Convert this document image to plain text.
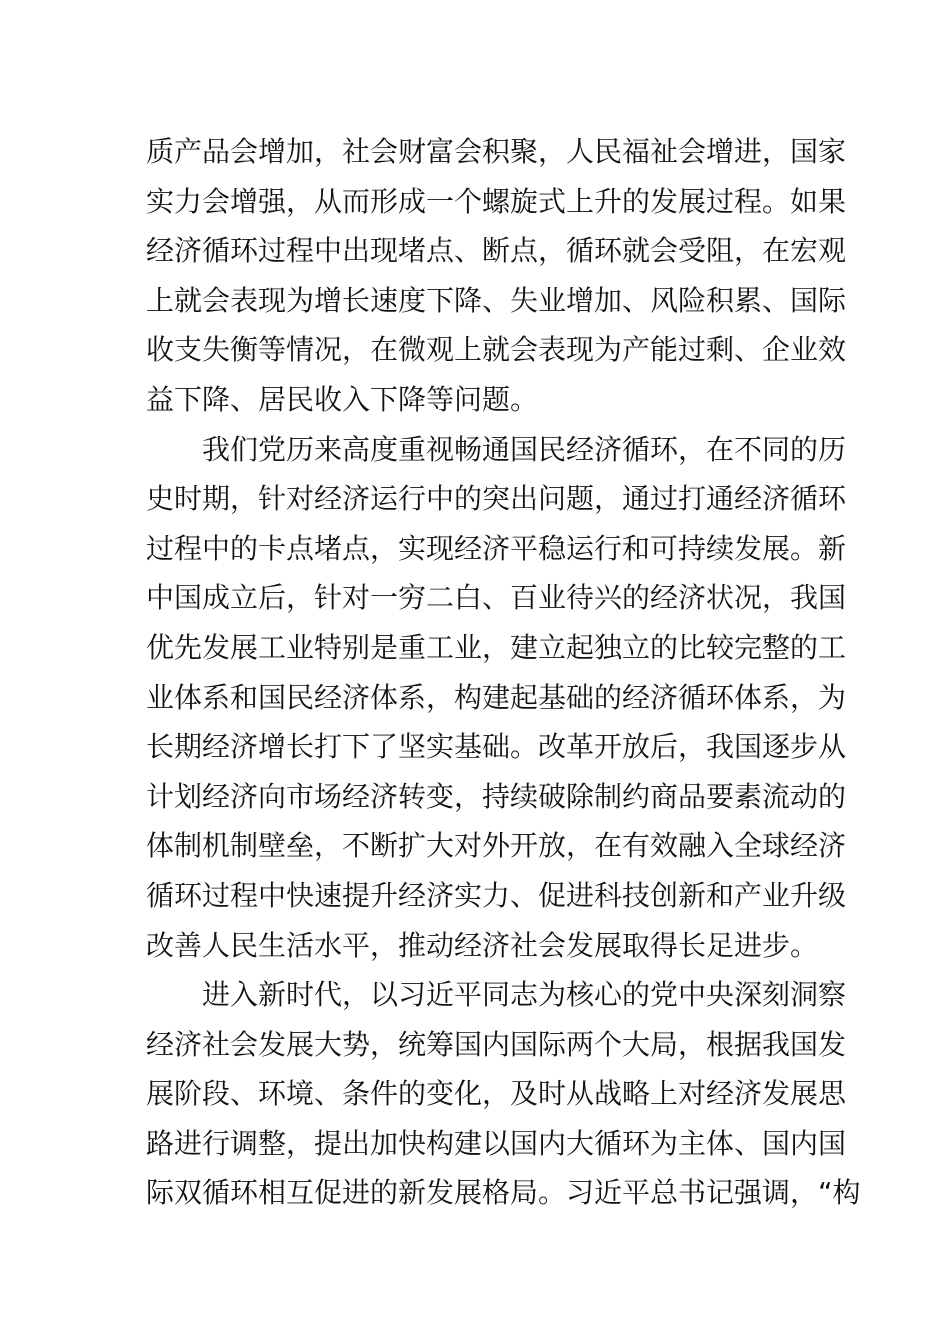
质产品会增加，社会财富会积聚，人民福祉会增进，国家
实力会增强，从而形成一个螺旋式上升的发展过程。如果
经济循环过程中出现堵点、断点，循环就会受阻，在宏观
上就会表现为增长速度下降、失业增加、风险积累、国际
收支失衡等情况，在微观上就会表现为产能过剩、企业效
益下降、居民收入下降等问题。
　　我们党历来高度重视畅通国民经济循环，在不同的历
史时期，针对经济运行中的突出问题，通过打通经济循环
过程中的卡点堵点，实现经济平稳运行和可持续发展。新
中国成立后，针对一穷二白、百业待兴的经济状况，我国
优先发展工业特别是重工业，建立起独立的比较完整的工
业体系和国民经济体系，构建起基础的经济循环体系，为
长期经济增长打下了坚实基础。改革开放后，我国逐步从
计划经济向市场经济转变，持续破除制约商品要素流动的
体制机制壁垒，不断扩大对外开放，在有效融入全球经济
循环过程中快速提升经济实力、促进科技创新和产业升级
改善人民生活水平，推动经济社会发展取得长足进步。
　　进入新时代，以习近平同志为核心的党中央深刻洞察
经济社会发展大势，统筹国内国际两个大局，根据我国发
展阶段、环境、条件的变化，及时从战略上对经济发展思
路进行调整，提出加快构建以国内大循环为主体、国内国
际双循环相互促进的新发展格局。习近平总书记强调，“构
